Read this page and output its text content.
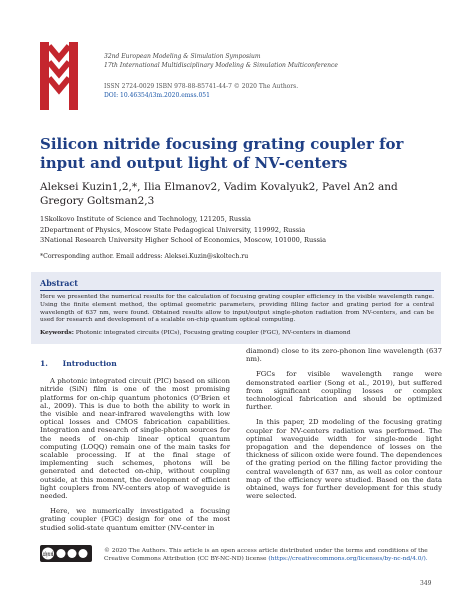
32nd European Modeling & Simulation Symposium
17th International Multidisciplinary Modeling & Simulation Multiconference
ISSN 2724-0029 ISBN 978-88-85741-44-7 © 2020 The Authors.
DOI: 10.46354/i3m.2020.emss.051
Silicon nitride focusing grating coupler for input and output light of NV-centers

Aleksei Kuzin1,2,*, Ilia Elmanov2, Vadim Kovalyuk2, Pavel An2 and Gregory Goltsman2,3

1Skolkovo Institute of Science and Technology, 121205, Russia
2Department of Physics, Moscow State Pedagogical University, 119992, Russia
3National Research University Higher School of Economics, Moscow, 101000, Russia
*Corresponding author. Email address: Aleksei.Kuzin@skoltech.ru
Abstract

Here we presented the numerical results for the calculation of focusing grating coupler efficiency in the visible wavelength range. Using the finite element method, the optimal geometric parameters, providing filling factor and grating period for a central wavelength of 637 nm, were found. Obtained results allow to input/output single-photon radiation from NV-centers, and can be used for research and development of a scalable on-chip quantum optical computing.

Keywords: Photonic integrated circuits (PICs), Focusing grating coupler (FGC), NV-centers in diamond
1. Introduction

A photonic integrated circuit (PIC) based on silicon nitride (SiN) film is one of the most promising platforms for on-chip quantum photonics (O'Brien et al., 2009). This is due to both the ability to work in the visible and near-infrared wavelengths with low optical losses and CMOS fabrication capabilities. Integration and research of single-photon sources for the needs of on-chip linear optical quantum computing (LOQQ) remain one of the main tasks for scalable processing. If at the final stage of implementing such schemes, photons will be generated and detected on-chip, without coupling outside, at this moment, the development of efficient light couplers from NV-centers atop of waveguide is needed.

Here, we numerically investigated a focusing grating coupler (FGC) design for one of the most studied solid-state quantum emitter (NV-center in

diamond) close to its zero-phonon line wavelength (637 nm).

FGCs for visible wavelength range were demonstrated earlier (Song et al., 2019), but suffered from significant coupling losses or complex technological fabrication and should be optimized further.

In this paper, 2D modeling of the focusing grating coupler for NV-centers radiation was performed. The optimal waveguide width for single-mode light propagation and the dependence of losses on the thickness of silicon oxide were found. The dependences of the grating period on the filling factor providing the central wavelength of 637 nm, as well as color contour map of the efficiency were studied. Based on the data obtained, ways for further development for this study were selected.

cc by nc nd	© 2020 The Authors. This article is an open access article distributed under the terms and conditions of the Creative Commons Attribution (CC BY-NC-ND) license (https://creativecommons.org/licenses/by-nc-nd/4.0/).
349
